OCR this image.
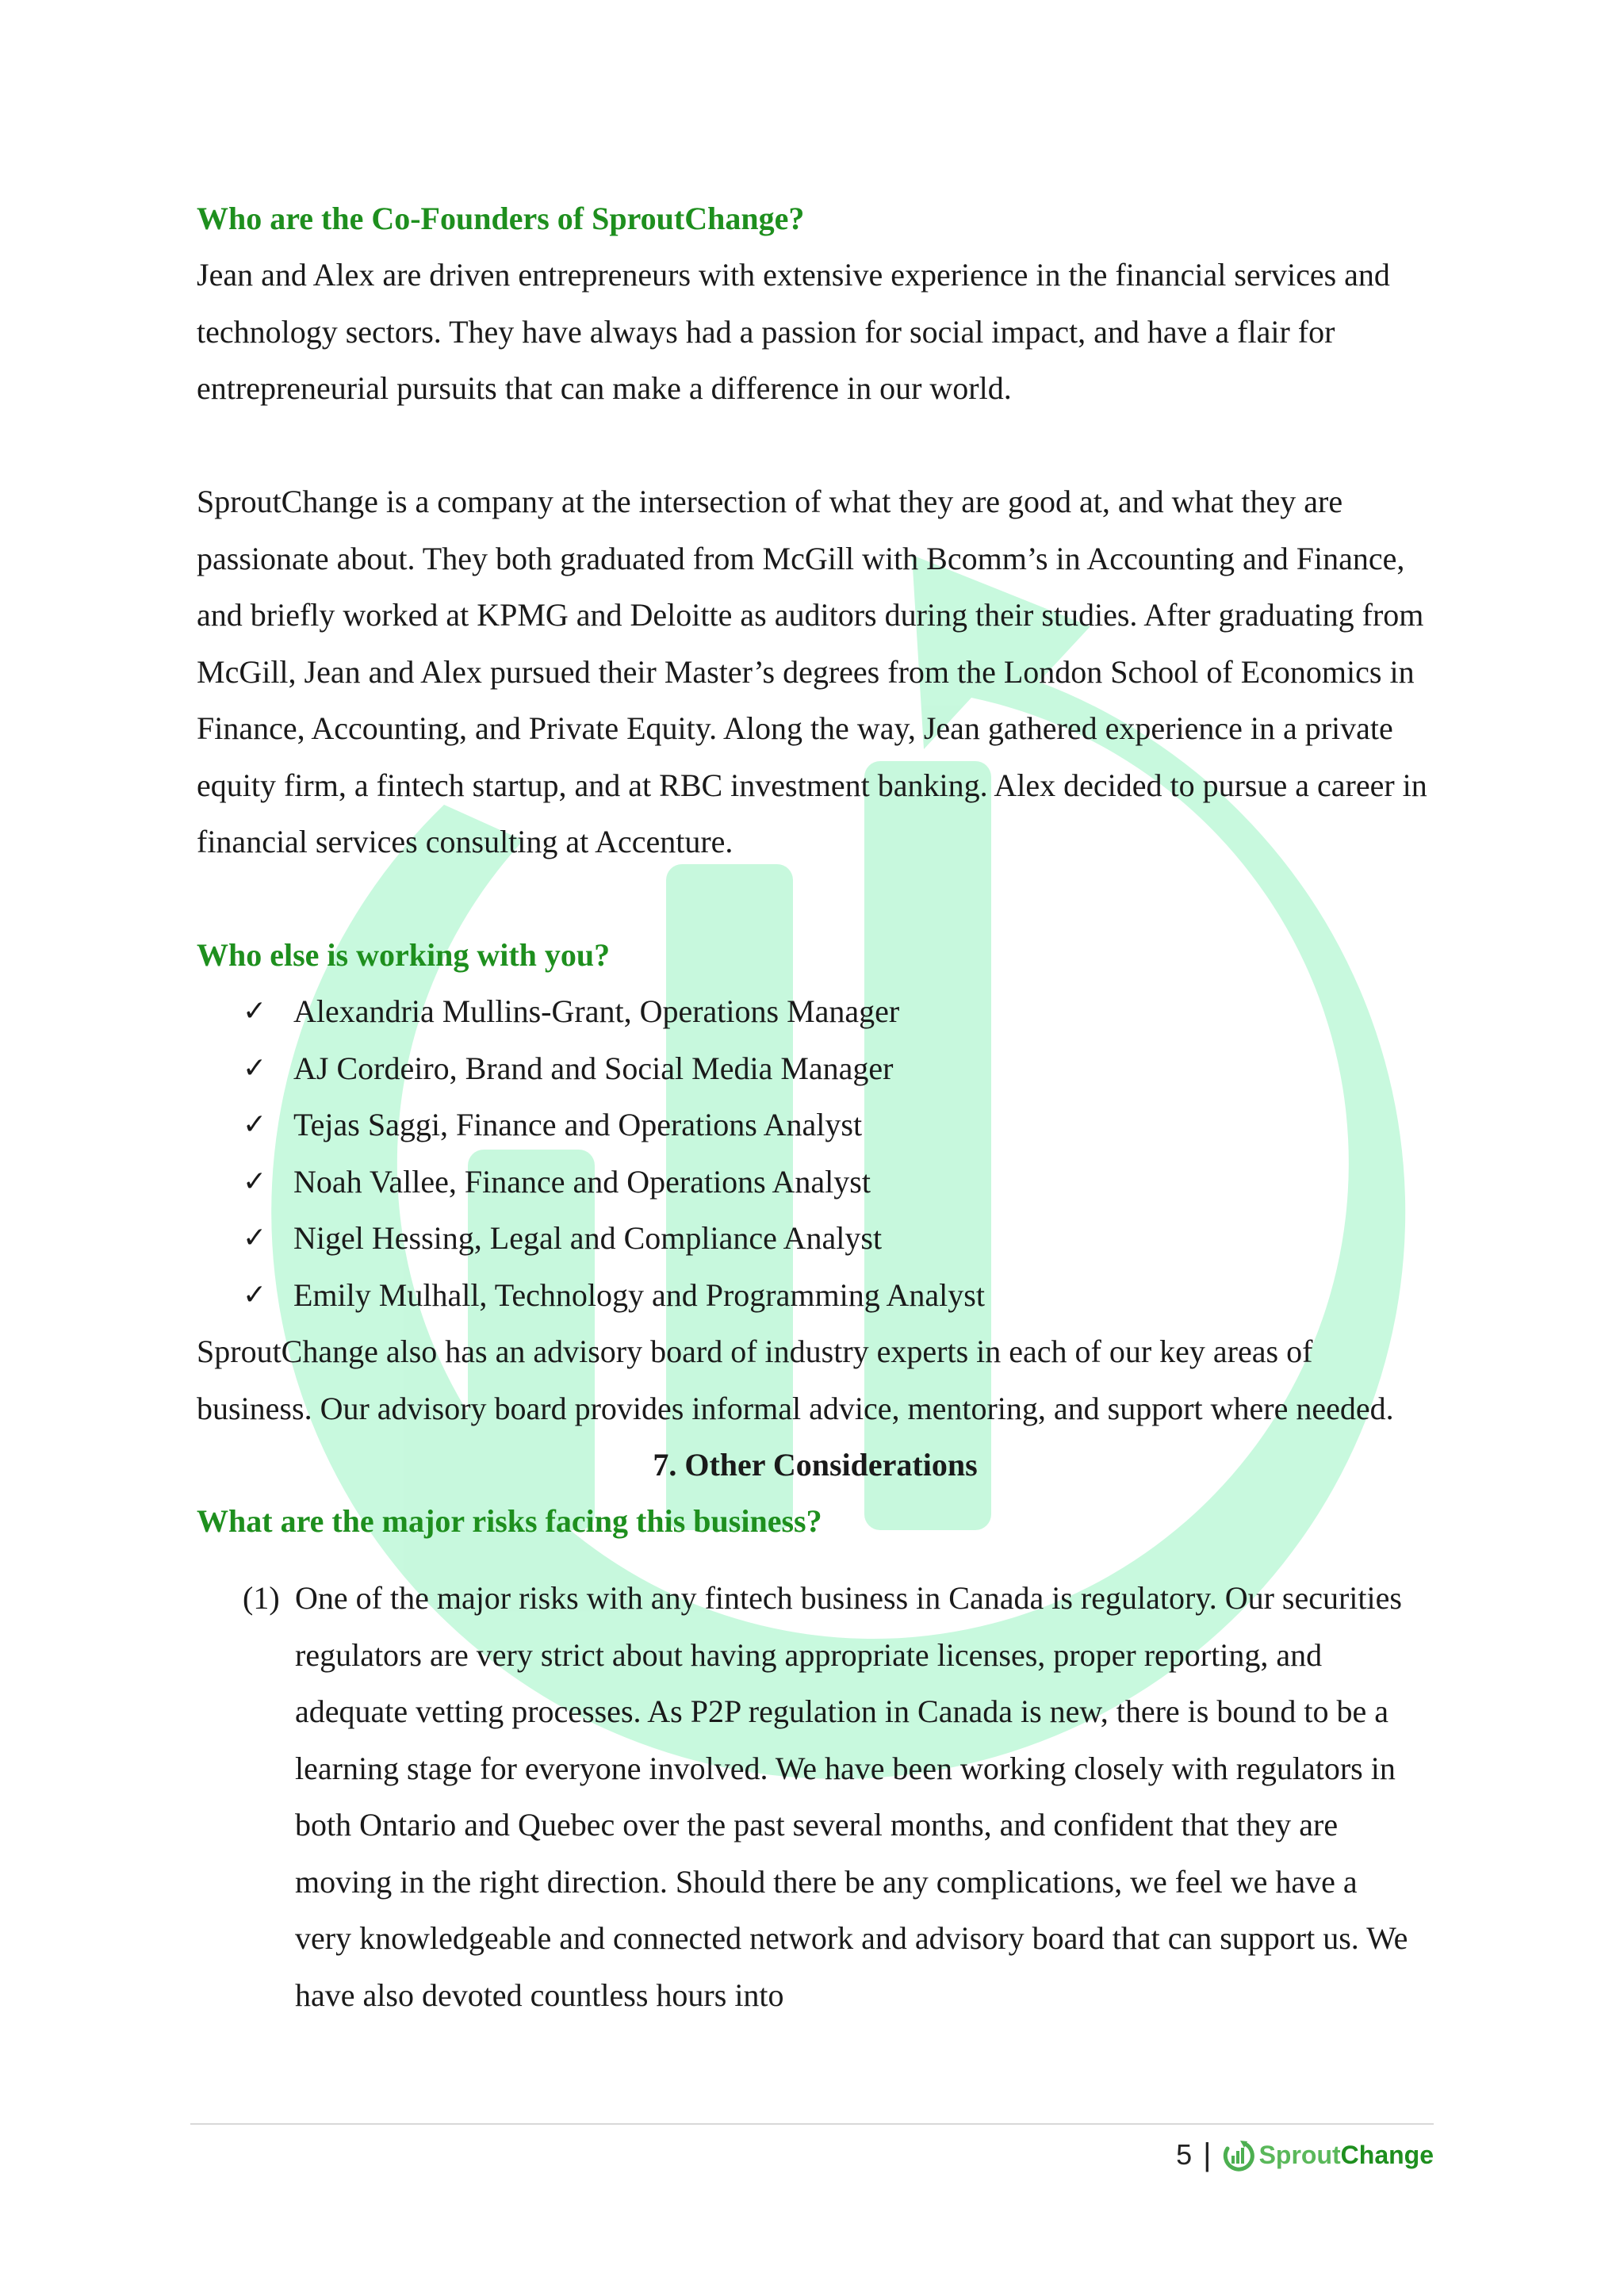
Who are the Co-Founders of SproutChange?

Jean and Alex are driven entrepreneurs with extensive experience in the financial services and technology sectors. They have always had a passion for social impact, and have a flair for entrepreneurial pursuits that can make a difference in our world.

SproutChange is a company at the intersection of what they are good at, and what they are passionate about. They both graduated from McGill with Bcomm’s in Accounting and Finance, and briefly worked at KPMG and Deloitte as auditors during their studies. After graduating from McGill, Jean and Alex pursued their Master’s degrees from the London School of Economics in Finance, Accounting, and Private Equity. Along the way, Jean gathered experience in a private equity firm, a fintech startup, and at RBC investment banking. Alex decided to pursue a career in financial services consulting at Accenture.

Who else is working with you?
✓ Alexandria Mullins-Grant, Operations Manager
✓ AJ Cordeiro, Brand and Social Media Manager
✓ Tejas Saggi, Finance and Operations Analyst
✓ Noah Vallee, Finance and Operations Analyst
✓ Nigel Hessing, Legal and Compliance Analyst
✓ Emily Mulhall, Technology and Programming Analyst

SproutChange also has an advisory board of industry experts in each of our key areas of business. Our advisory board provides informal advice, mentoring, and support where needed.

7. Other Considerations
What are the major risks facing this business?
(1) One of the major risks with any fintech business in Canada is regulatory. Our securities regulators are very strict about having appropriate licenses, proper reporting, and adequate vetting processes. As P2P regulation in Canada is new, there is bound to be a learning stage for everyone involved. We have been working closely with regulators in both Ontario and Quebec over the past several months, and confident that they are moving in the right direction. Should there be any complications, we feel we have a very knowledgeable and connected network and advisory board that can support us. We have also devoted countless hours into

5 | SproutChange
